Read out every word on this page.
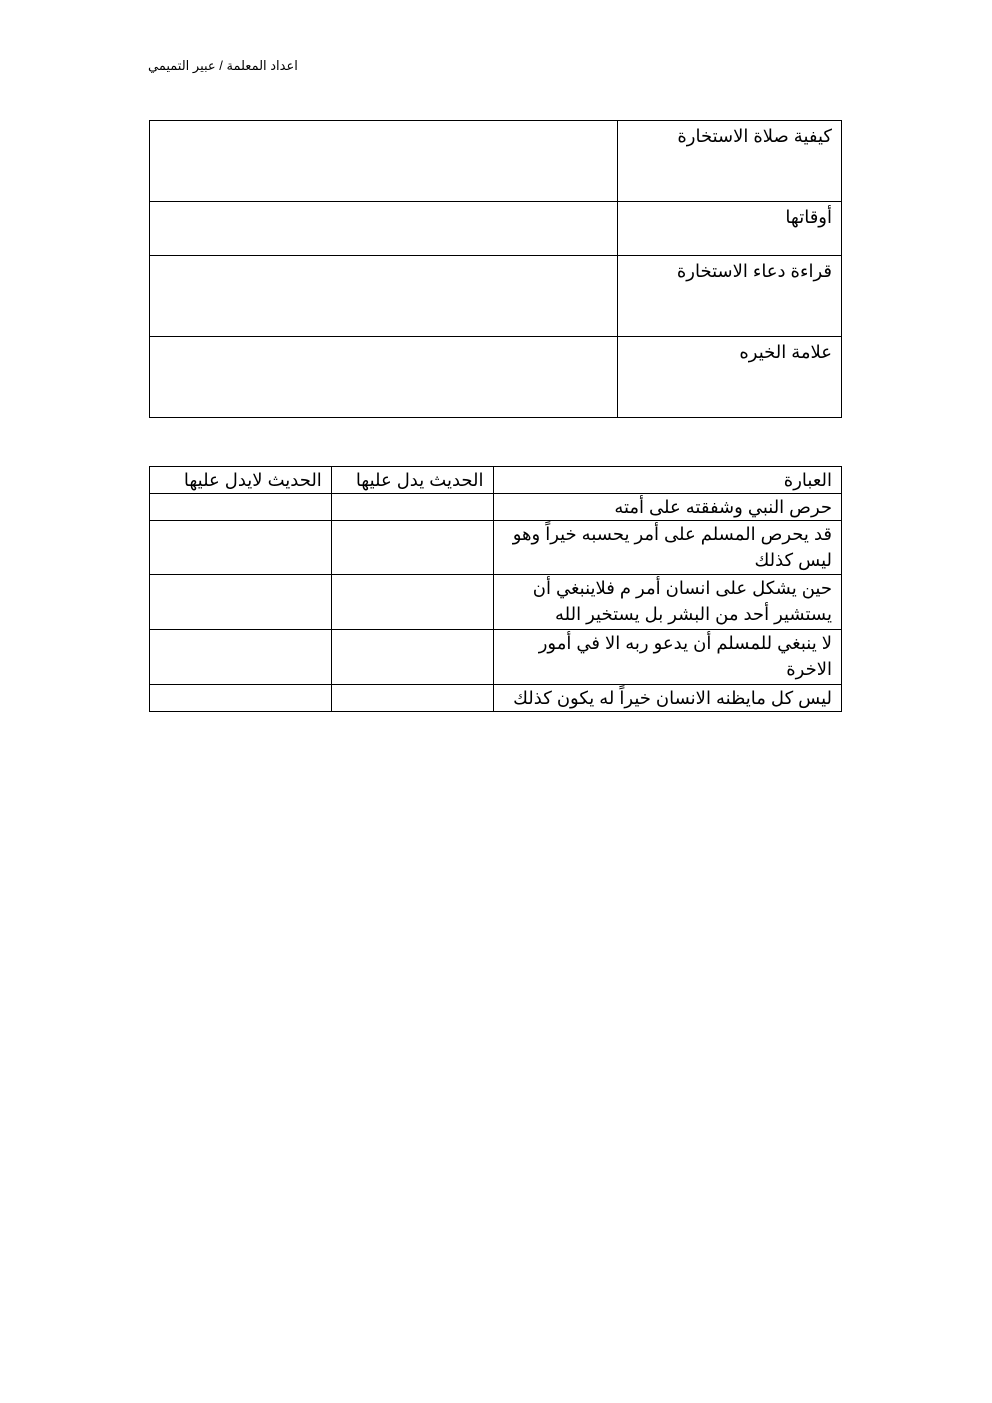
اعداد المعلمة / عبير التميمي
كيفية صلاة الاستخارة	
أوقاتها	
قراءة دعاء الاستخارة	
علامة الخيره	
العبارة	الحديث يدل عليها	الحديث لايدل عليها
حرص النبي وشفقته على أمته		
قد يحرص المسلم على أمر يحسبه خيراً وهو ليس كذلك		
حين يشكل على انسان أمر م فلاينبغي أن يستشير أحد من البشر بل يستخير الله		
لا ينبغي للمسلم أن يدعو ربه الا في أمور الاخرة		
ليس كل مايظنه الانسان خيراً له يكون كذلك		
